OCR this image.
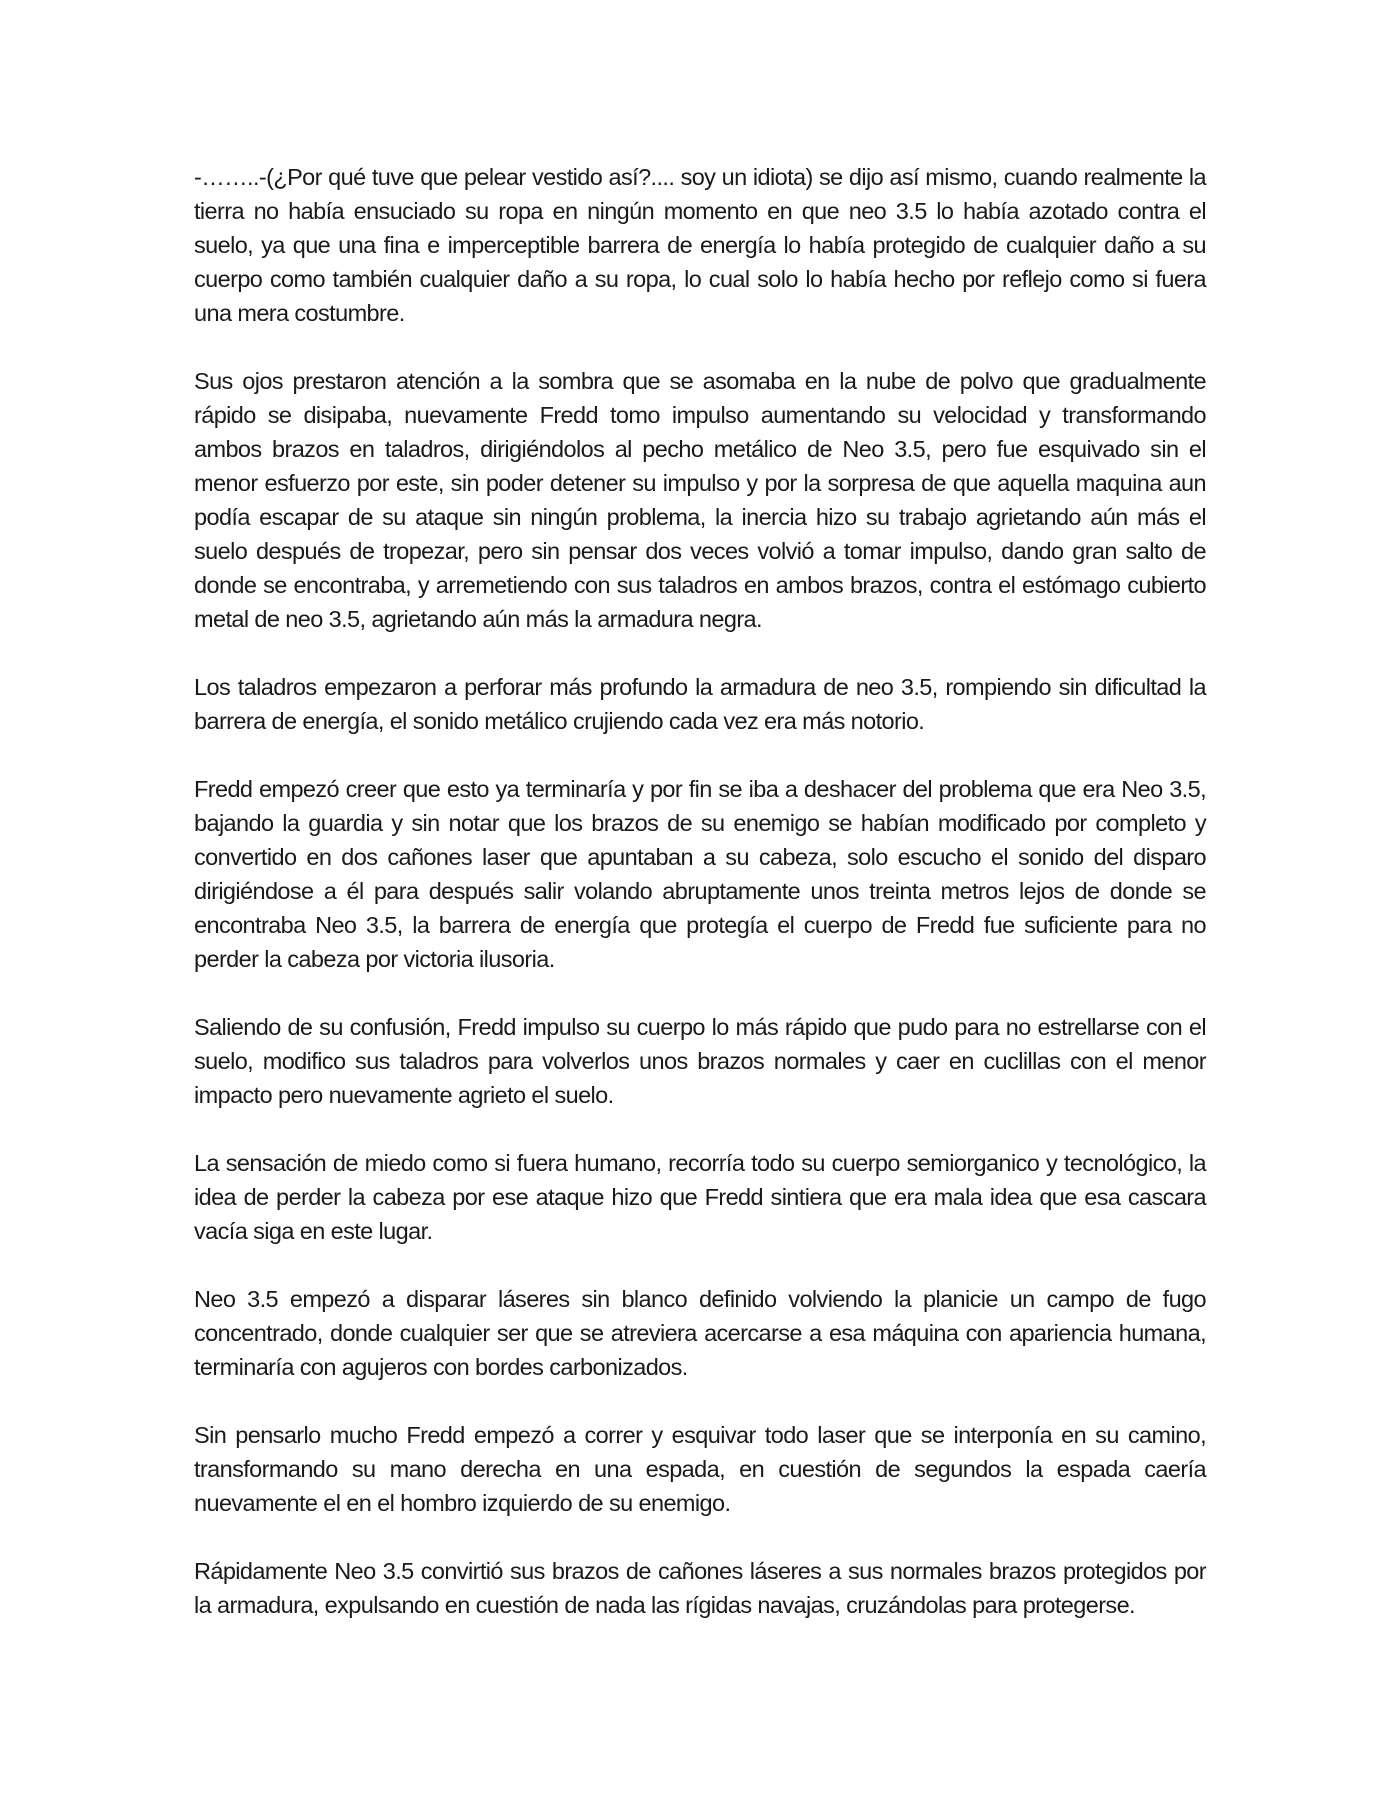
-……..-(¿Por qué tuve que pelear vestido así?.... soy un idiota) se dijo así mismo, cuando realmente la tierra no había ensuciado su ropa en ningún momento en que neo 3.5 lo había azotado contra el suelo, ya que una fina e imperceptible barrera de energía lo había protegido de cualquier daño a su cuerpo como también cualquier daño a su ropa, lo cual solo lo había hecho por reflejo como si fuera una mera costumbre.

Sus ojos prestaron atención a la sombra que se asomaba en la nube de polvo que gradualmente rápido se disipaba, nuevamente Fredd tomo impulso aumentando su velocidad y transformando ambos brazos en taladros, dirigiéndolos al pecho metálico de Neo 3.5, pero fue esquivado sin el menor esfuerzo por este, sin poder detener su impulso y por la sorpresa de que aquella maquina aun podía escapar de su ataque sin ningún problema, la inercia hizo su trabajo agrietando aún más el suelo después de tropezar, pero sin pensar dos veces volvió a tomar impulso, dando gran salto de donde se encontraba, y arremetiendo con sus taladros en ambos brazos, contra el estómago cubierto metal de neo 3.5, agrietando aún más la armadura negra.

Los taladros empezaron a perforar más profundo la armadura de neo 3.5, rompiendo sin dificultad la barrera de energía, el sonido metálico crujiendo cada vez era más notorio.

Fredd empezó creer que esto ya terminaría y por fin se iba a deshacer del problema que era Neo 3.5, bajando la guardia y sin notar que los brazos de su enemigo se habían modificado por completo y convertido en dos cañones laser que apuntaban a su cabeza, solo escucho el sonido del disparo dirigiéndose a él para después salir volando abruptamente unos treinta metros lejos de donde se encontraba Neo 3.5, la barrera de energía que protegía el cuerpo de Fredd fue suficiente para no perder la cabeza por victoria ilusoria.

Saliendo de su confusión, Fredd impulso su cuerpo lo más rápido que pudo para no estrellarse con el suelo, modifico sus taladros para volverlos unos brazos normales y caer en cuclillas con el menor impacto pero nuevamente agrieto el suelo.

La sensación de miedo como si fuera humano, recorría todo su cuerpo semiorganico y tecnológico, la idea de perder la cabeza por ese ataque hizo que Fredd sintiera que era mala idea que esa cascara vacía siga en este lugar.

Neo 3.5 empezó a disparar láseres sin blanco definido volviendo la planicie un campo de fugo concentrado, donde cualquier ser que se atreviera acercarse a esa máquina con apariencia humana, terminaría con agujeros con bordes carbonizados.

Sin pensarlo mucho Fredd empezó a correr y esquivar todo laser que se interponía en su camino, transformando su mano derecha en una espada, en cuestión de segundos la espada caería nuevamente el en el hombro izquierdo de su enemigo.

Rápidamente Neo 3.5 convirtió sus brazos de cañones láseres a sus normales brazos protegidos por la armadura, expulsando en cuestión de nada las rígidas navajas, cruzándolas para protegerse.
